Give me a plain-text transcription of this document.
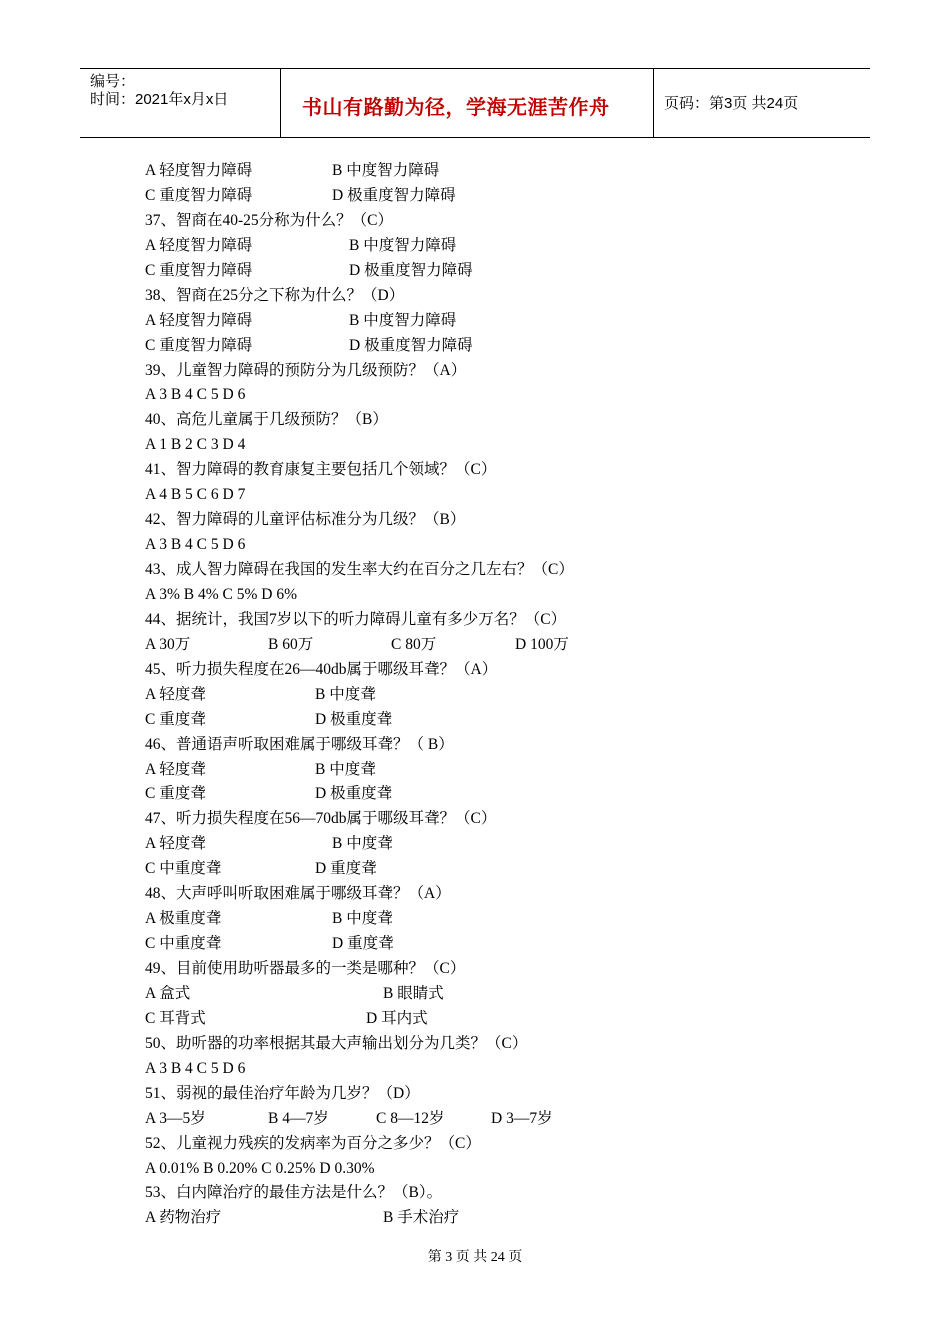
编号：
时间：2021年x月x日	书山有路勤为径，学海无涯苦作舟	页码：第3页 共24页
A 轻度智力障碍	B 中度智力障碍
C 重度智力障碍	D 极重度智力障碍
37、智商在40-25分称为什么？（C）
A 轻度智力障碍	B 中度智力障碍
C 重度智力障碍	D 极重度智力障碍
38、智商在25分之下称为什么？（D）
A 轻度智力障碍	B 中度智力障碍
C 重度智力障碍	D 极重度智力障碍
39、儿童智力障碍的预防分为几级预防？（A）
A 3 B 4 C 5 D 6
40、高危儿童属于几级预防？（B）
A 1 B 2 C 3 D 4
41、智力障碍的教育康复主要包括几个领域？（C）
A 4 B 5 C 6 D 7
42、智力障碍的儿童评估标准分为几级？（B）
A 3 B 4 C 5 D 6
43、成人智力障碍在我国的发生率大约在百分之几左右？（C）
A 3% B 4% C 5% D 6%
44、据统计，我国7岁以下的听力障碍儿童有多少万名？（C）
A 30万	B 60万	C 80万	D 100万
45、听力损失程度在26—40db属于哪级耳聋？（A）
A 轻度聋	B 中度聋
C 重度聋	D 极重度聋
46、普通语声听取困难属于哪级耳聋？（ B）
A 轻度聋	B 中度聋
C 重度聋	D 极重度聋
47、听力损失程度在56—70db属于哪级耳聋？（C）
A 轻度聋	B 中度聋
C 中重度聋	D 重度聋
48、大声呼叫听取困难属于哪级耳聋？（A）
A 极重度聋	B 中度聋
C 中重度聋	D 重度聋
49、目前使用助听器最多的一类是哪种？（C）
A 盒式	B 眼睛式
C 耳背式	D 耳内式
50、助听器的功率根据其最大声输出划分为几类？（C）
A 3 B 4 C 5 D 6
51、弱视的最佳治疗年龄为几岁？（D）
A 3—5岁	B 4—7岁	C 8—12岁	D 3—7岁
52、儿童视力残疾的发病率为百分之多少？（C）
A 0.01% B 0.20% C 0.25% D 0.30%
53、白内障治疗的最佳方法是什么？（B）。
A 药物治疗	B 手术治疗
第 3 页 共 24 页
